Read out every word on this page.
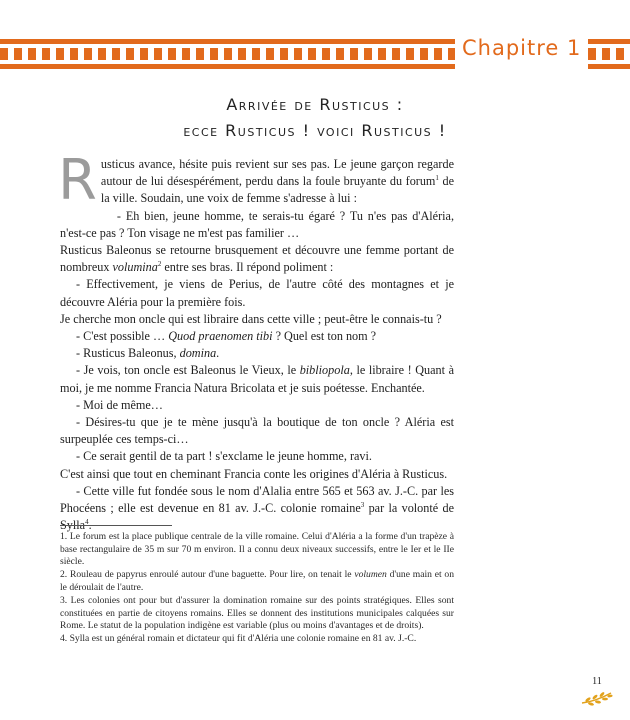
Chapitre 1
Arrivée de Rusticus :
ecce Rusticus ! voici Rusticus !

Rusticus avance, hésite puis revient sur ses pas. Le jeune garçon regarde autour de lui désespérément, perdu dans la foule bruyante du forum$^1$ de la ville. Soudain, une voix de femme s'adresse à lui :

- Eh bien, jeune homme, te serais-tu égaré ? Tu n'es pas d'Aléria, n'est-ce pas ? Ton visage ne m'est pas familier …

Rusticus Baleonus se retourne brusquement et découvre une femme portant de nombreux volumina$^2$ entre ses bras. Il répond poliment :

- Effectivement, je viens de Perius, de l'autre côté des montagnes et je découvre Aléria pour la première fois.

Je cherche mon oncle qui est libraire dans cette ville ; peut-être le connais-tu ?

- C'est possible … Quod praenomen tibi ? Quel est ton nom ?

- Rusticus Baleonus, domina.

- Je vois, ton oncle est Baleonus le Vieux, le bibliopola, le libraire ! Quant à moi, je me nomme Francia Natura Bricolata et je suis poétesse. Enchantée.

- Moi de même…

- Désires-tu que je te mène jusqu'à la boutique de ton oncle ? Aléria est surpeuplée ces temps-ci…

- Ce serait gentil de ta part ! s'exclame le jeune homme, ravi.

C'est ainsi que tout en cheminant Francia conte les origines d'Aléria à Rusticus.

- Cette ville fut fondée sous le nom d'Alalia entre 565 et 563 av. J.-C. par les Phocéens ; elle est devenue en 81 av. J.-C. colonie romaine$^3$ par la volonté de Sylla$^4$.

1. Le forum est la place publique centrale de la ville romaine. Celui d'Aléria a la forme d'un trapèze à base rectangulaire de 35 m sur 70 m environ. Il a connu deux niveaux successifs, entre le Ier et le IIe siècle.

2. Rouleau de papyrus enroulé autour d'une baguette. Pour lire, on tenait le volumen d'une main et on le déroulait de l'autre.

3. Les colonies ont pour but d'assurer la domination romaine sur des points stratégiques. Elles sont constituées en partie de citoyens romains. Elles se donnent des institutions municipales calquées sur Rome. Le statut de la population indigène est variable (plus ou moins d'avantages et de droits).

4. Sylla est un général romain et dictateur qui fit d'Aléria une colonie romaine en 81 av. J.-C.

11
